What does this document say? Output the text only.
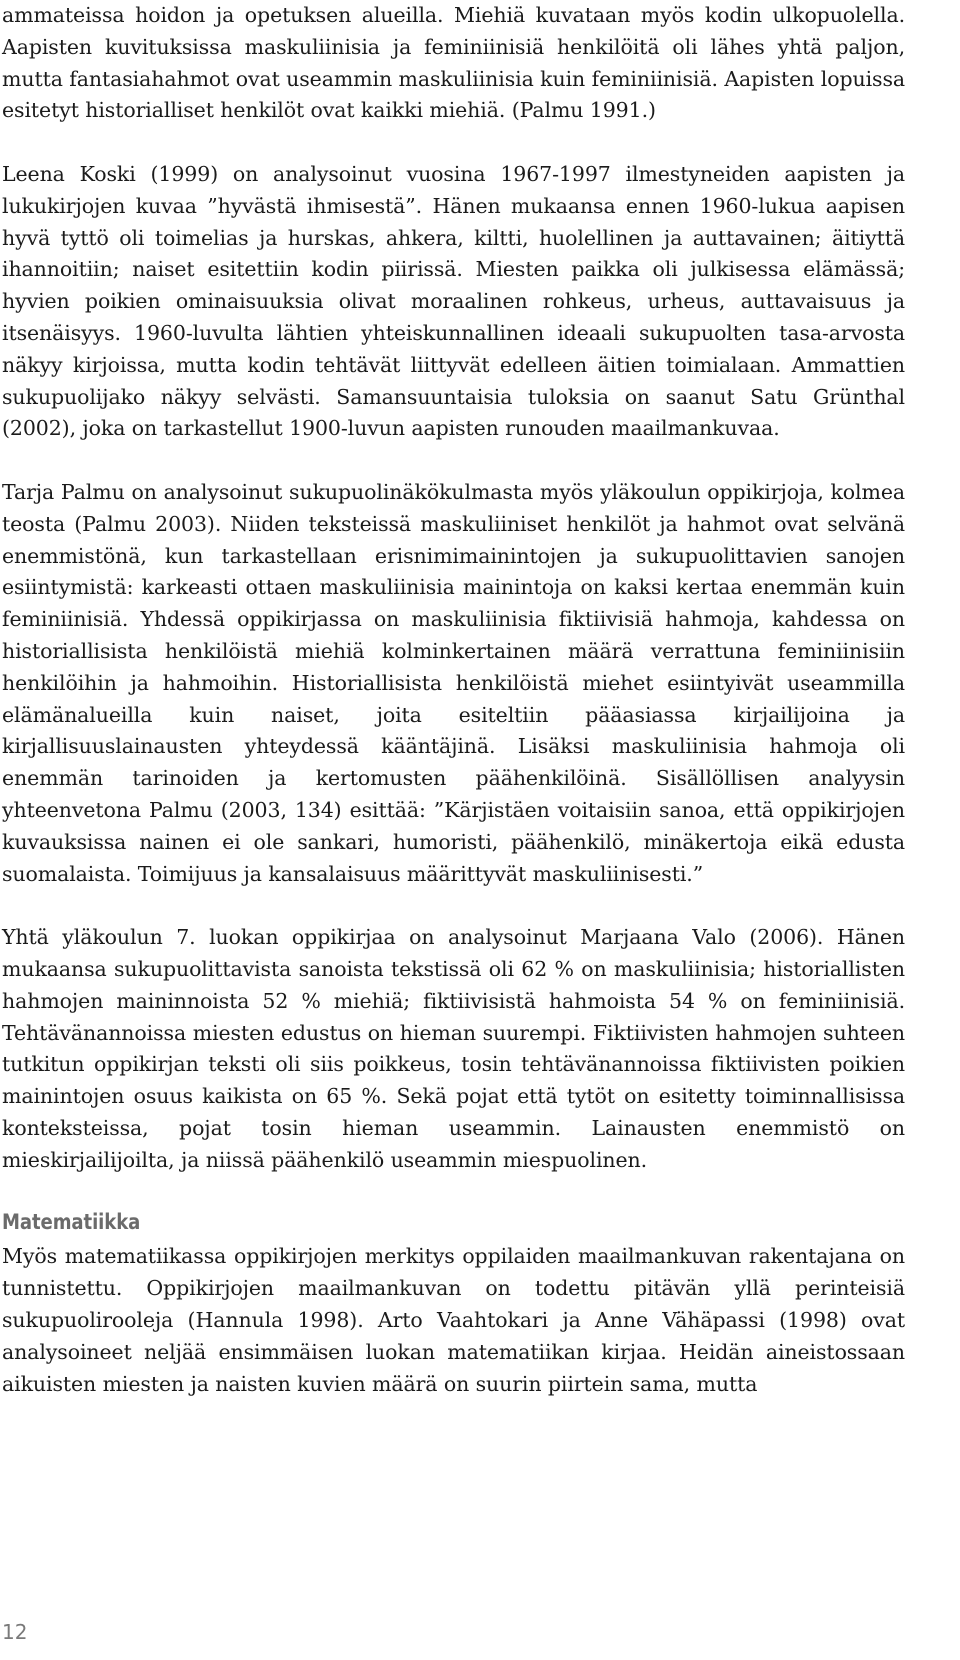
ammateissa hoidon ja opetuksen alueilla. Miehiä kuvataan myös kodin ulkopuolella. Aapisten kuvituksissa maskuliinisia ja feminiinisiä henkilöitä oli lähes yhtä paljon, mutta fantasiahahmot ovat useammin maskuliinisia kuin feminiinisiä. Aapisten lopuissa esitetyt historialliset henkilöt ovat kaikki miehiä. (Palmu 1991.)

Leena Koski (1999) on analysoinut vuosina 1967-1997 ilmestyneiden aapisten ja lukukirjojen kuvaa ”hyvästä ihmisestä”. Hänen mukaansa ennen 1960-lukua aapisen hyvä tyttö oli toimelias ja hurskas, ahkera, kiltti, huolellinen ja auttavainen; äitiyttä ihannoitiin; naiset esitettiin kodin piirissä. Miesten paikka oli julkisessa elämässä; hyvien poikien ominaisuuksia olivat moraalinen rohkeus, urheus, auttavaisuus ja itsenäisyys. 1960-luvulta lähtien yhteiskunnallinen ideaali sukupuolten tasa-arvosta näkyy kirjoissa, mutta kodin tehtävät liittyvät edelleen äitien toimialaan. Ammattien sukupuolijako näkyy selvästi. Samansuuntaisia tuloksia on saanut Satu Grünthal (2002), joka on tarkastellut 1900-luvun aapisten runouden maailmankuvaa.

Tarja Palmu on analysoinut sukupuolinäkökulmasta myös yläkoulun oppikirjoja, kolmea teosta (Palmu 2003). Niiden teksteissä maskuliiniset henkilöt ja hahmot ovat selvänä enemmistönä, kun tarkastellaan erisnimimainintojen ja sukupuolittavien sanojen esiintymistä: karkeasti ottaen maskuliinisia mainintoja on kaksi kertaa enemmän kuin feminiinisiä. Yhdessä oppikirjassa on maskuliinisia fiktiivisiä hahmoja, kahdessa on historiallisista henkilöistä miehiä kolminkertainen määrä verrattuna feminiinisiin henkilöihin ja hahmoihin. Historiallisista henkilöistä miehet esiintyivät useammilla elämänalueilla kuin naiset, joita esiteltiin pääasiassa kirjailijoina ja kirjallisuuslainausten yhteydessä kääntäjinä. Lisäksi maskuliinisia hahmoja oli enemmän tarinoiden ja kertomusten päähenkilöinä. Sisällöllisen analyysin yhteenvetona Palmu (2003, 134) esittää: ”Kärjistäen voitaisiin sanoa, että oppikirjojen kuvauksissa nainen ei ole sankari, humoristi, päähenkilö, minäkertoja eikä edusta suomalaista. Toimijuus ja kansalaisuus määrittyvät maskuliinisesti.”

Yhtä yläkoulun 7. luokan oppikirjaa on analysoinut Marjaana Valo (2006). Hänen mukaansa sukupuolittavista sanoista tekstissä oli 62 % on maskuliinisia; historiallisten hahmojen maininnoista 52 % miehiä; fiktiivisistä hahmoista 54 % on feminiinisiä. Tehtävänannoissa miesten edustus on hieman suurempi. Fiktiivisten hahmojen suhteen tutkitun oppikirjan teksti oli siis poikkeus, tosin tehtävänannoissa fiktiivisten poikien mainintojen osuus kaikista on 65 %. Sekä pojat että tytöt on esitetty toiminnallisissa konteksteissa, pojat tosin hieman useammin. Lainausten enemmistö on mieskirjailijoilta, ja niissä päähenkilö useammin miespuolinen.

Matematiikka

Myös matematiikassa oppikirjojen merkitys oppilaiden maailmankuvan rakentajana on tunnistettu. Oppikirjojen maailmankuvan on todettu pitävän yllä perinteisiä sukupuolirooleja (Hannula 1998). Arto Vaahtokari ja Anne Vähäpassi (1998) ovat analysoineet neljää ensimmäisen luokan matematiikan kirjaa. Heidän aineistossaan aikuisten miesten ja naisten kuvien määrä on suurin piirtein sama, mutta

12
